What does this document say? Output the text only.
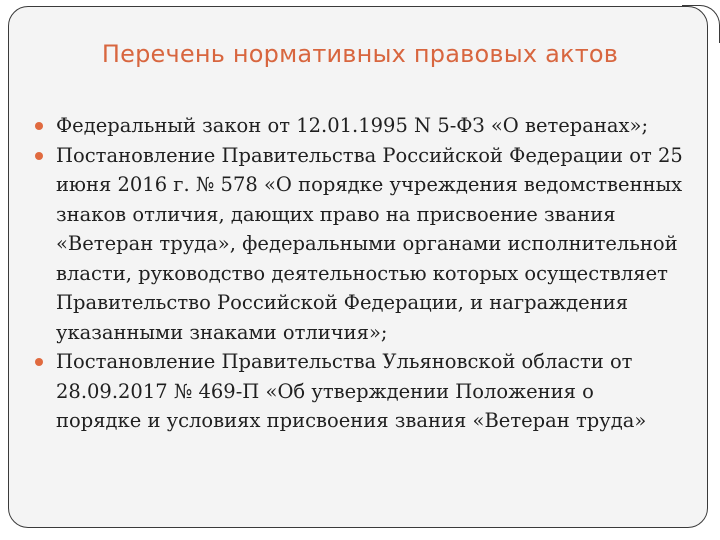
Перечень нормативных правовых актов
Федеральный закон от 12.01.1995 N 5-ФЗ «О ветеранах»;
Постановление Правительства Российской Федерации от 25 июня 2016 г. № 578 «О порядке учреждения ведомственных знаков отличия, дающих право на присвоение звания «Ветеран труда», федеральными органами исполнительной власти, руководство деятельностью которых осуществляет Правительство Российской Федерации, и награждения указанными знаками отличия»;
Постановление Правительства Ульяновской области от 28.09.2017 № 469-П «Об утверждении Положения о порядке и условиях присвоения звания «Ветеран труда»
